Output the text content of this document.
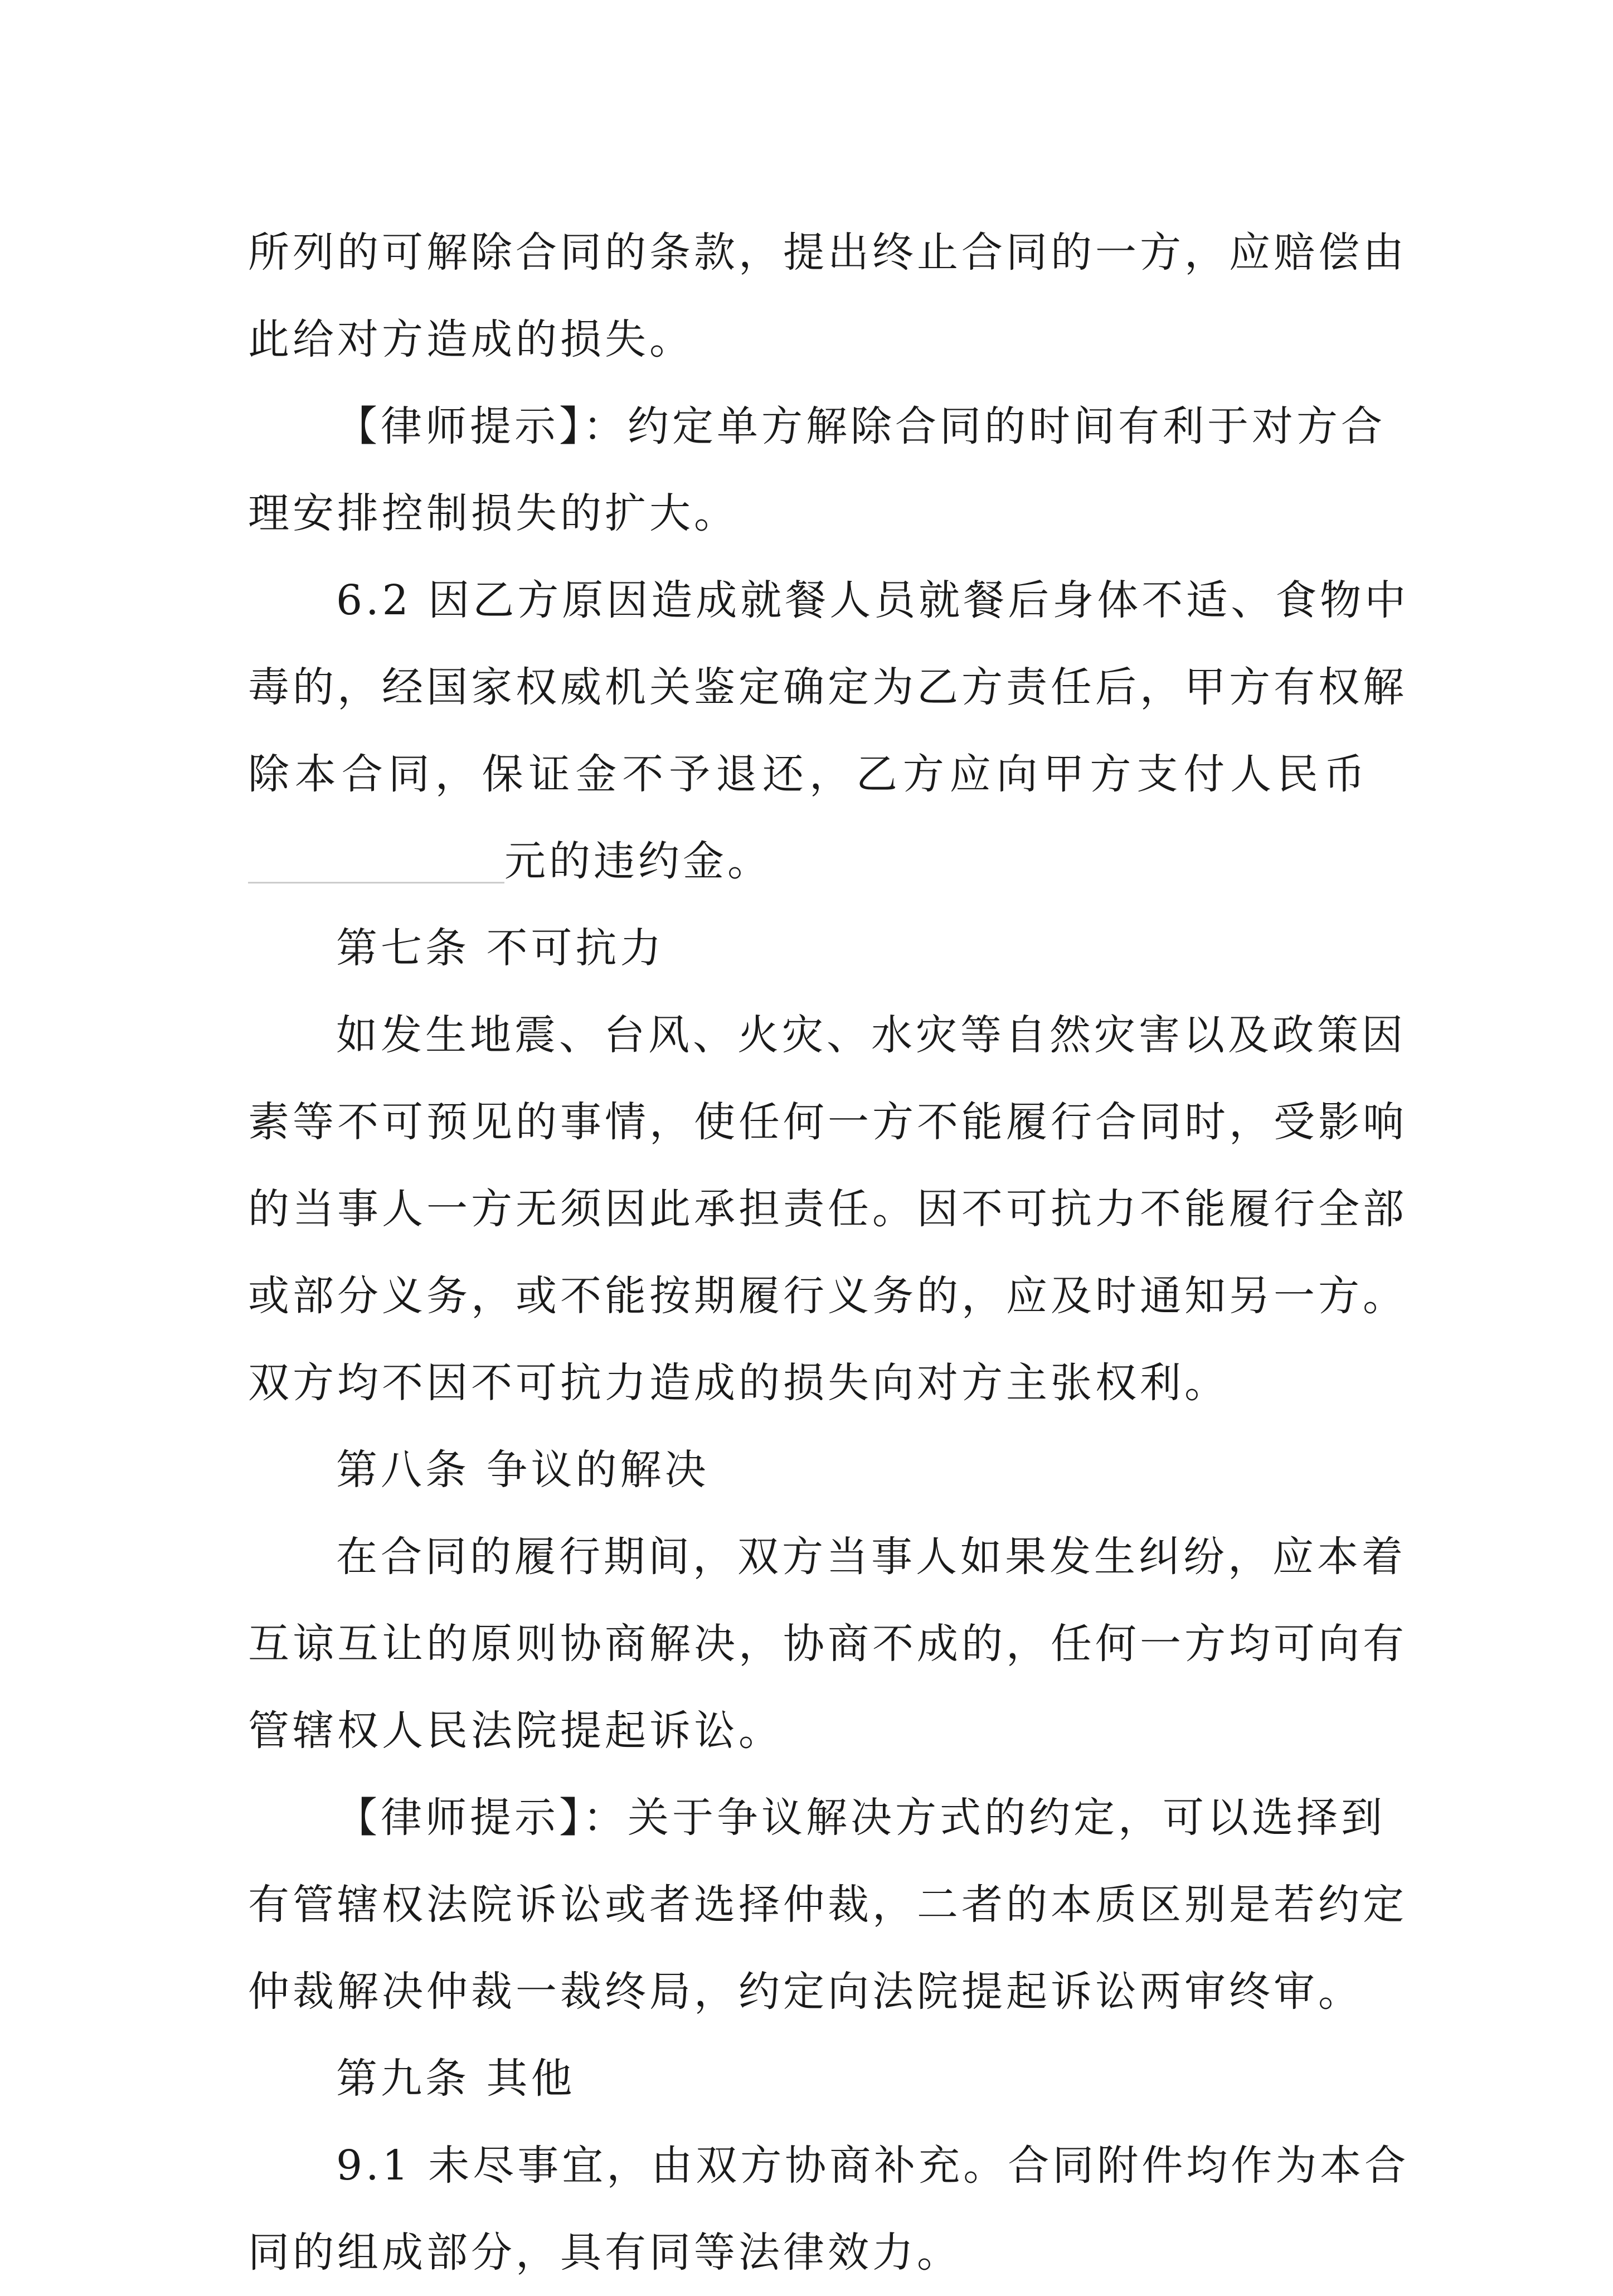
所列的可解除合同的条款，提出终止合同的一方，应赔偿由
此给对方造成的损失。
【律师提示】：约定单方解除合同的时间有利于对方合
理安排控制损失的扩大。
6.2 因乙方原因造成就餐人员就餐后身体不适、食物中
毒的，经国家权威机关鉴定确定为乙方责任后，甲方有权解
除本合同，保证金不予退还，乙方应向甲方支付人民币
元的违约金。
第七条 不可抗力
如发生地震、台风、火灾、水灾等自然灾害以及政策因
素等不可预见的事情，使任何一方不能履行合同时，受影响
的当事人一方无须因此承担责任。因不可抗力不能履行全部
或部分义务，或不能按期履行义务的，应及时通知另一方。
双方均不因不可抗力造成的损失向对方主张权利。
第八条 争议的解决
在合同的履行期间，双方当事人如果发生纠纷，应本着
互谅互让的原则协商解决，协商不成的，任何一方均可向有
管辖权人民法院提起诉讼。
【律师提示】：关于争议解决方式的约定，可以选择到
有管辖权法院诉讼或者选择仲裁，二者的本质区别是若约定
仲裁解决仲裁一裁终局，约定向法院提起诉讼两审终审。
第九条 其他
9.1 未尽事宜，由双方协商补充。合同附件均作为本合
同的组成部分，具有同等法律效力。
